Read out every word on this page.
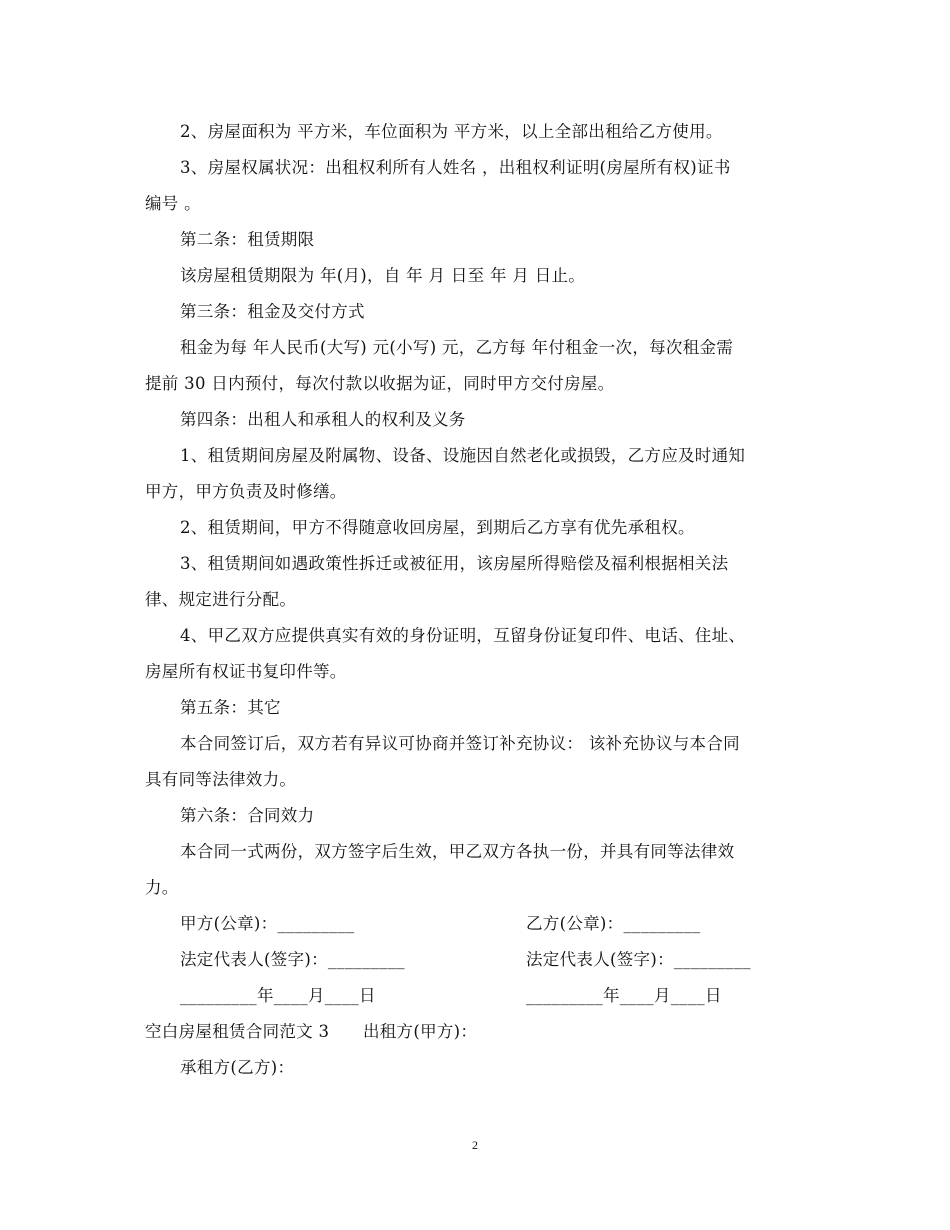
2、房屋面积为 平方米，车位面积为 平方米，以上全部出租给乙方使用。
3、房屋权属状况：出租权利所有人姓名 ，出租权利证明(房屋所有权)证书
编号 。
第二条：租赁期限
该房屋租赁期限为 年(月)，自 年 月 日至 年 月 日止。
第三条：租金及交付方式
租金为每 年人民币(大写) 元(小写) 元，乙方每 年付租金一次，每次租金需
提前 30 日内预付，每次付款以收据为证，同时甲方交付房屋。
第四条：出租人和承租人的权利及义务
1、租赁期间房屋及附属物、设备、设施因自然老化或损毁，乙方应及时通知
甲方，甲方负责及时修缮。
2、租赁期间，甲方不得随意收回房屋，到期后乙方享有优先承租权。
3、租赁期间如遇政策性拆迁或被征用，该房屋所得赔偿及福利根据相关法
律、规定进行分配。
4、甲乙双方应提供真实有效的身份证明，互留身份证复印件、电话、住址、
房屋所有权证书复印件等。
第五条：其它
本合同签订后，双方若有异议可协商并签订补充协议： 该补充协议与本合同
具有同等法律效力。
第六条：合同效力
本合同一式两份，双方签字后生效，甲乙双方各执一份，并具有同等法律效
力。
甲方(公章)：_________	乙方(公章)：_________
法定代表人(签字)：_________	法定代表人(签字)：_________
_________年____月____日	_________年____月____日
空白房屋租赁合同范文 3　　出租方(甲方)：
承租方(乙方)：
2
